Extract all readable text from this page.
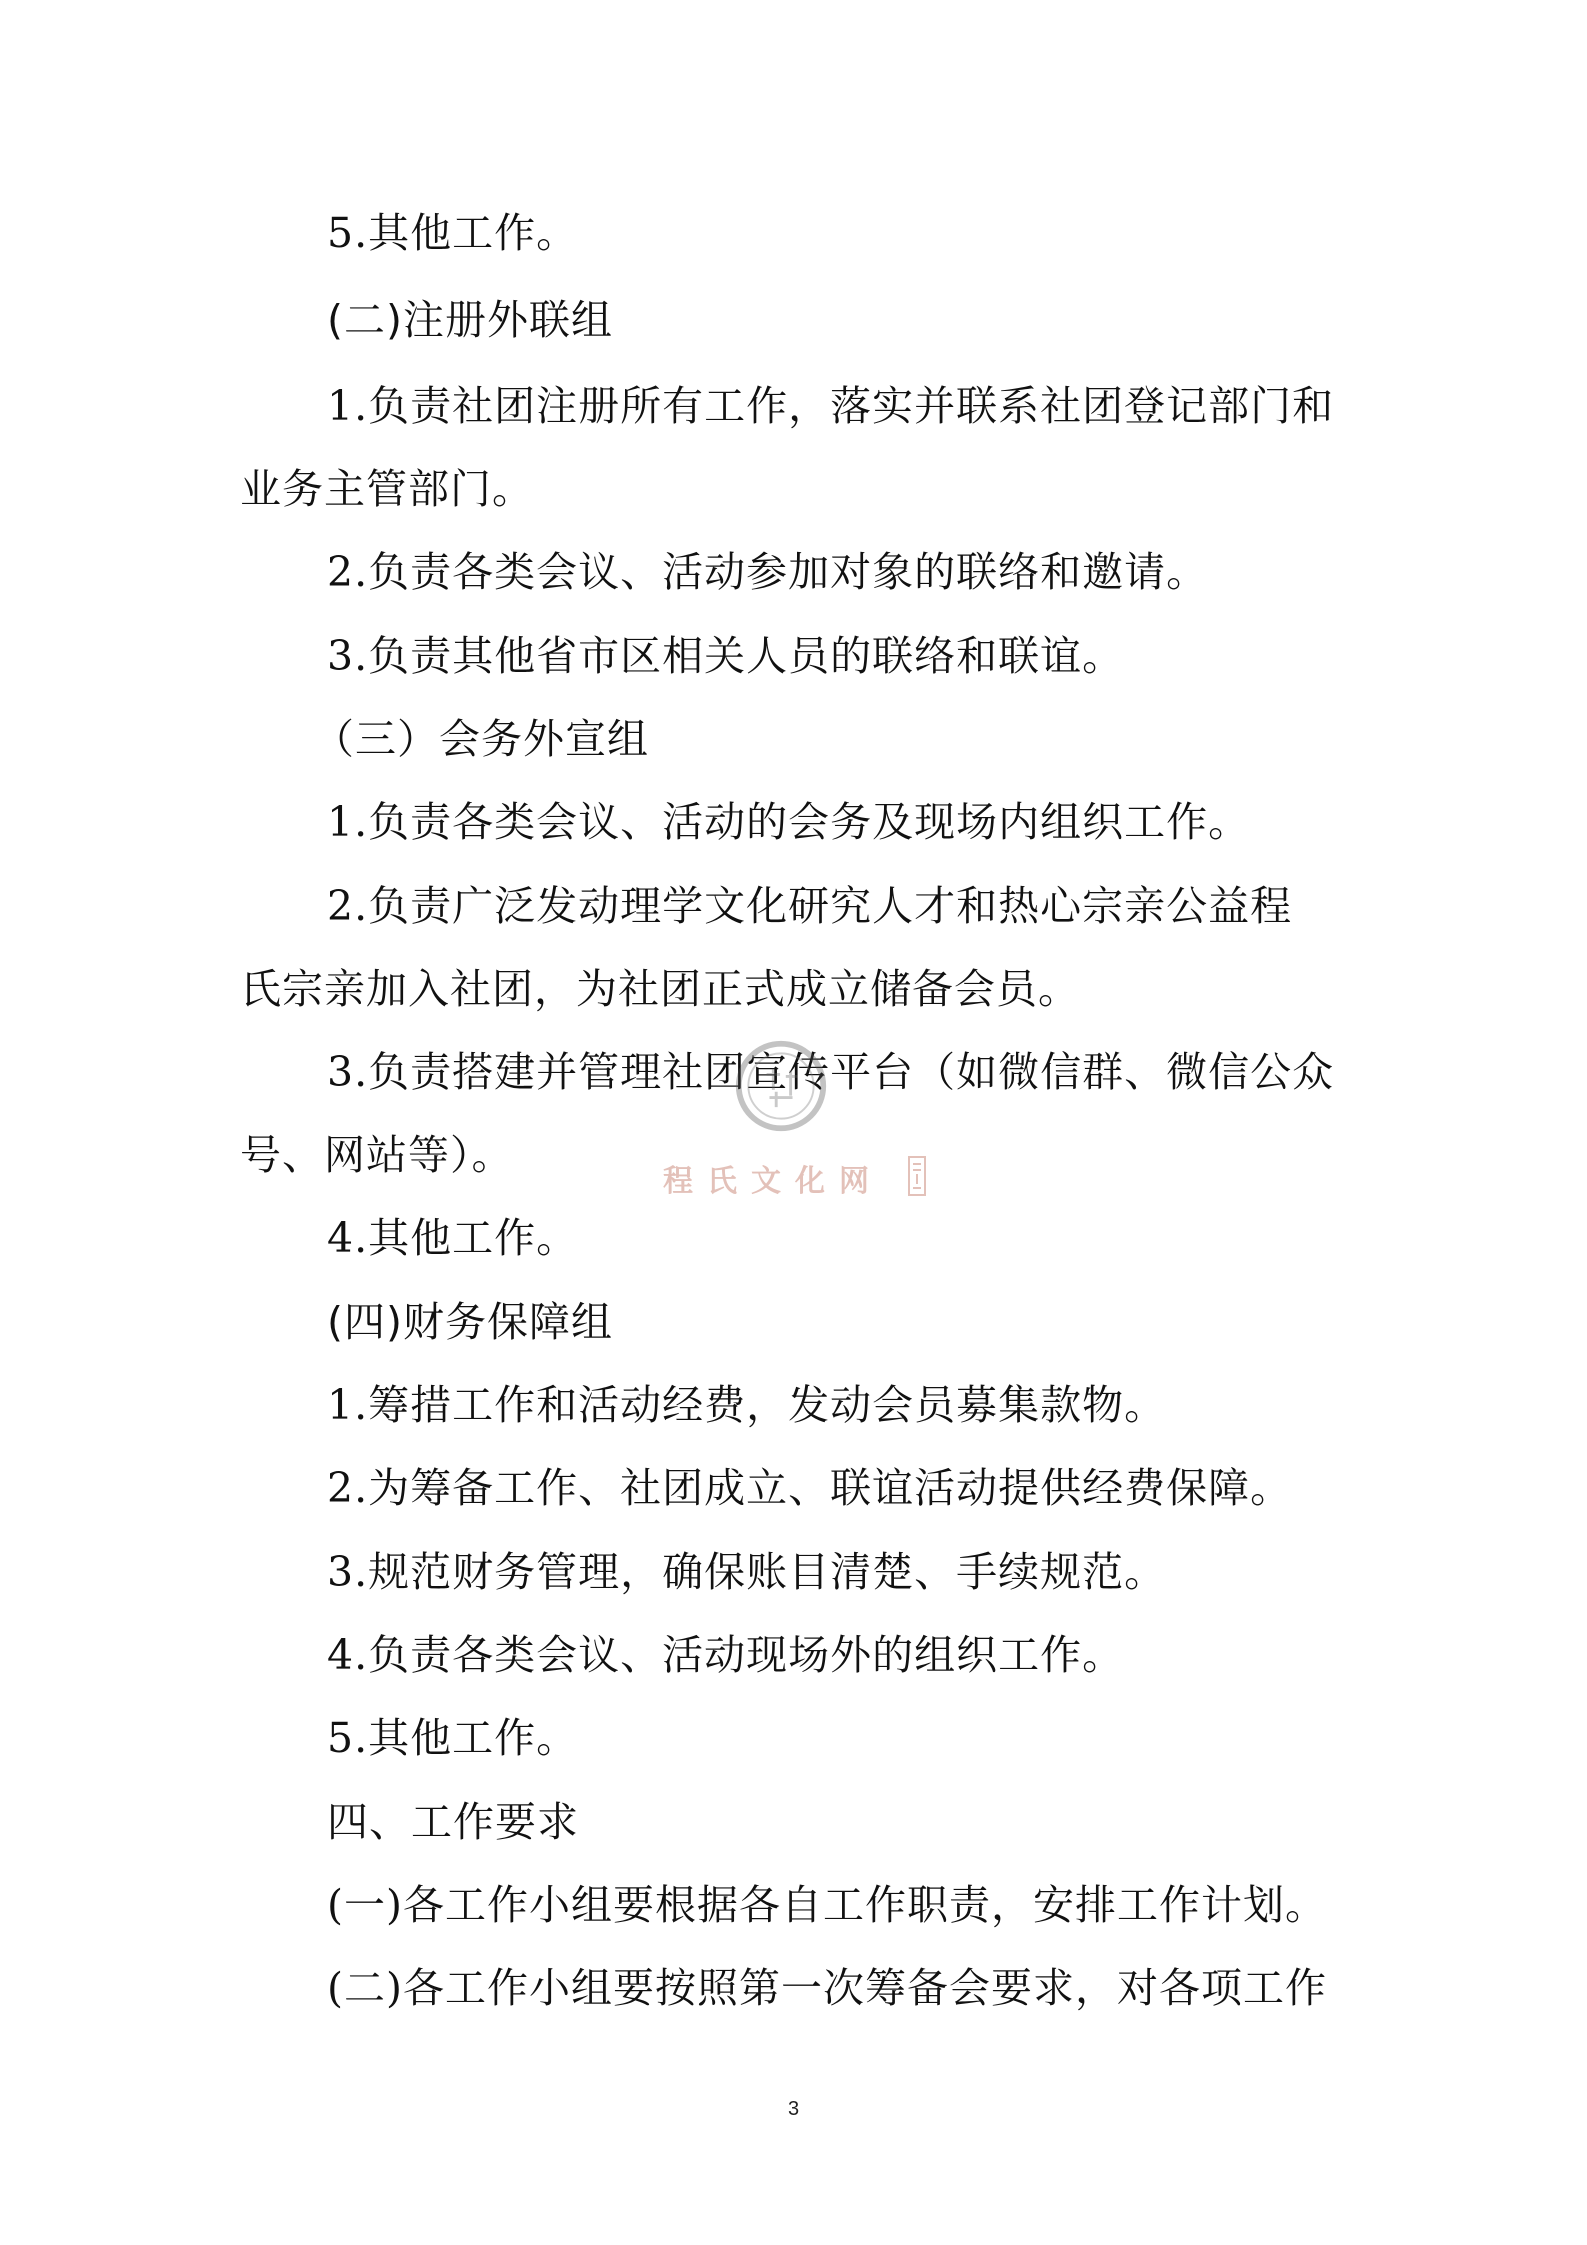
5.其他工作。
(二)注册外联组
1.负责社团注册所有工作，落实并联系社团登记部门和
业务主管部门。
2.负责各类会议、活动参加对象的联络和邀请。
3.负责其他省市区相关人员的联络和联谊。
（三）会务外宣组
1.负责各类会议、活动的会务及现场内组织工作。
2.负责广泛发动理学文化研究人才和热心宗亲公益程
氏宗亲加入社团，为社团正式成立储备会员。
3.负责搭建并管理社团宣传平台（如微信群、微信公众
号、网站等）。
4.其他工作。
(四)财务保障组
1.筹措工作和活动经费，发动会员募集款物。
2.为筹备工作、社团成立、联谊活动提供经费保障。
3.规范财务管理，确保账目清楚、手续规范。
4.负责各类会议、活动现场外的组织工作。
5.其他工作。
四、工作要求
(一)各工作小组要根据各自工作职责，安排工作计划。
(二)各工作小组要按照第一次筹备会要求，对各项工作
程氏文化网
3
